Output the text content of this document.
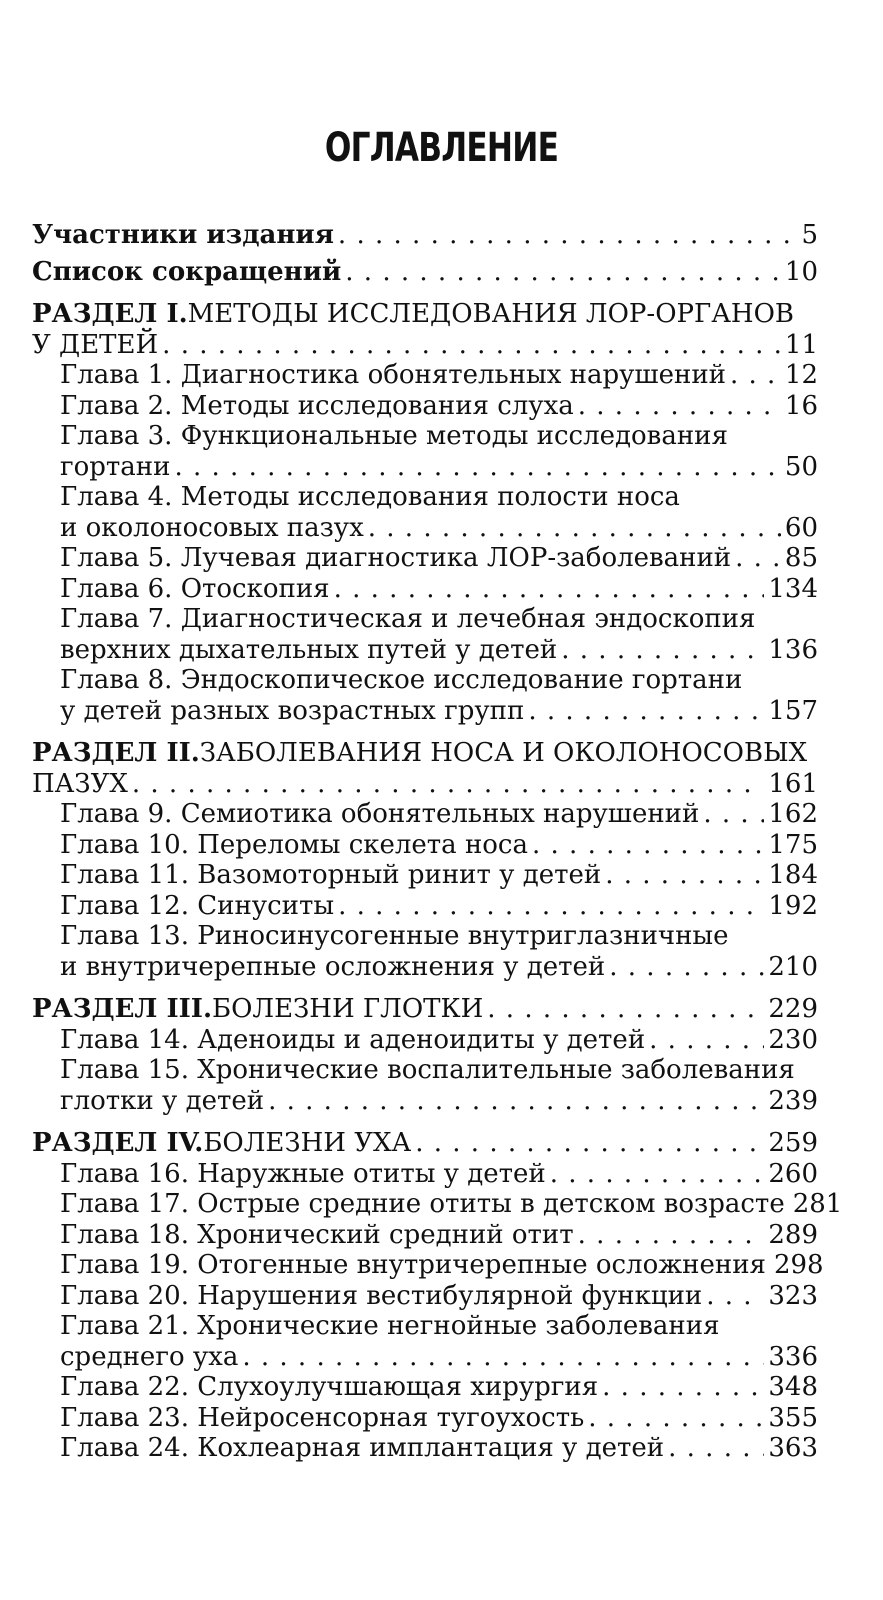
ОГЛАВЛЕНИЕ
Участники издания . . .	5
Список сокращений . . .	10
РАЗДЕЛ I. МЕТОДЫ ИССЛЕДОВАНИЯ ЛОР-ОРГАНОВ
У ДЕТЕЙ . . .	11
Глава 1. Диагностика обонятельных нарушений . . . 12
Глава 2. Методы исследования слуха . . .	16
Глава 3. Функциональные методы исследования
гортани . . .	50
Глава 4. Методы исследования полости носа
и околоносовых пазух . . .	60
Глава 5. Лучевая диагностика ЛОР-заболеваний . . . 85
Глава 6. Отоскопия . . .	134
Глава 7. Диагностическая и лечебная эндоскопия
верхних дыхательных путей у детей . . .	136
Глава 8. Эндоскопическое исследование гортани
у детей разных возрастных групп . . .	157
РАЗДЕЛ II. ЗАБОЛЕВАНИЯ НОСА И ОКОЛОНОСОВЫХ
ПАЗУХ . . .	161
Глава 9. Семиотика обонятельных нарушений . . .	162
Глава 10. Переломы скелета носа . . .	175
Глава 11. Вазомоторный ринит у детей . . .	184
Глава 12. Синуситы . . .	192
Глава 13. Риносинусогенные внутриглазничные
и внутричерепные осложнения у детей . . .	210
РАЗДЕЛ III. БОЛЕЗНИ ГЛОТКИ . . .	229
Глава 14. Аденоиды и аденоидиты у детей . . .	230
Глава 15. Хронические воспалительные заболевания
глотки у детей . . .	239
РАЗДЕЛ IV. БОЛЕЗНИ УХА . . .	259
Глава 16. Наружные отиты у детей . . .	260
Глава 17. Острые средние отиты в детском возрасте 281
Глава 18. Хронический средний отит . . .	289
Глава 19. Отогенные внутричерепные осложнения 298
Глава 20. Нарушения вестибулярной функции . . .	323
Глава 21. Хронические негнойные заболевания
среднего уха . . .	336
Глава 22. Слухоулучшающая хирургия . . .	348
Глава 23. Нейросенсорная тугоухость . . .	355
Глава 24. Кохлеарная имплантация у детей . . .	363
